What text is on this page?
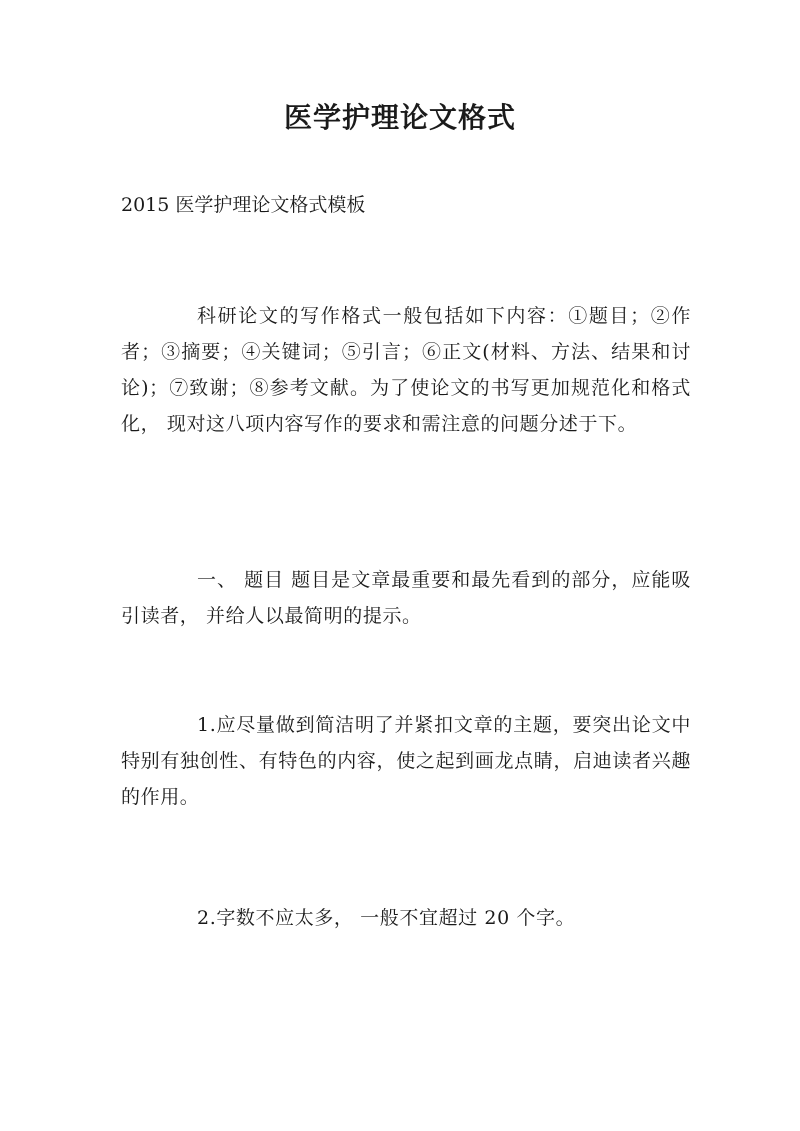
医学护理论文格式

2015 医学护理论文格式模板

科研论文的写作格式一般包括如下内容：①题目；②作者；③摘要；④关键词；⑤引言；⑥正文(材料、方法、结果和讨论)；⑦致谢；⑧参考文献。为了使论文的书写更加规范化和格式化， 现对这八项内容写作的要求和需注意的问题分述于下。

一、 题目 题目是文章最重要和最先看到的部分，应能吸引读者， 并给人以最简明的提示。

1.应尽量做到简洁明了并紧扣文章的主题，要突出论文中特别有独创性、有特色的内容，使之起到画龙点睛，启迪读者兴趣的作用。

2.字数不应太多， 一般不宜超过 20 个字。
